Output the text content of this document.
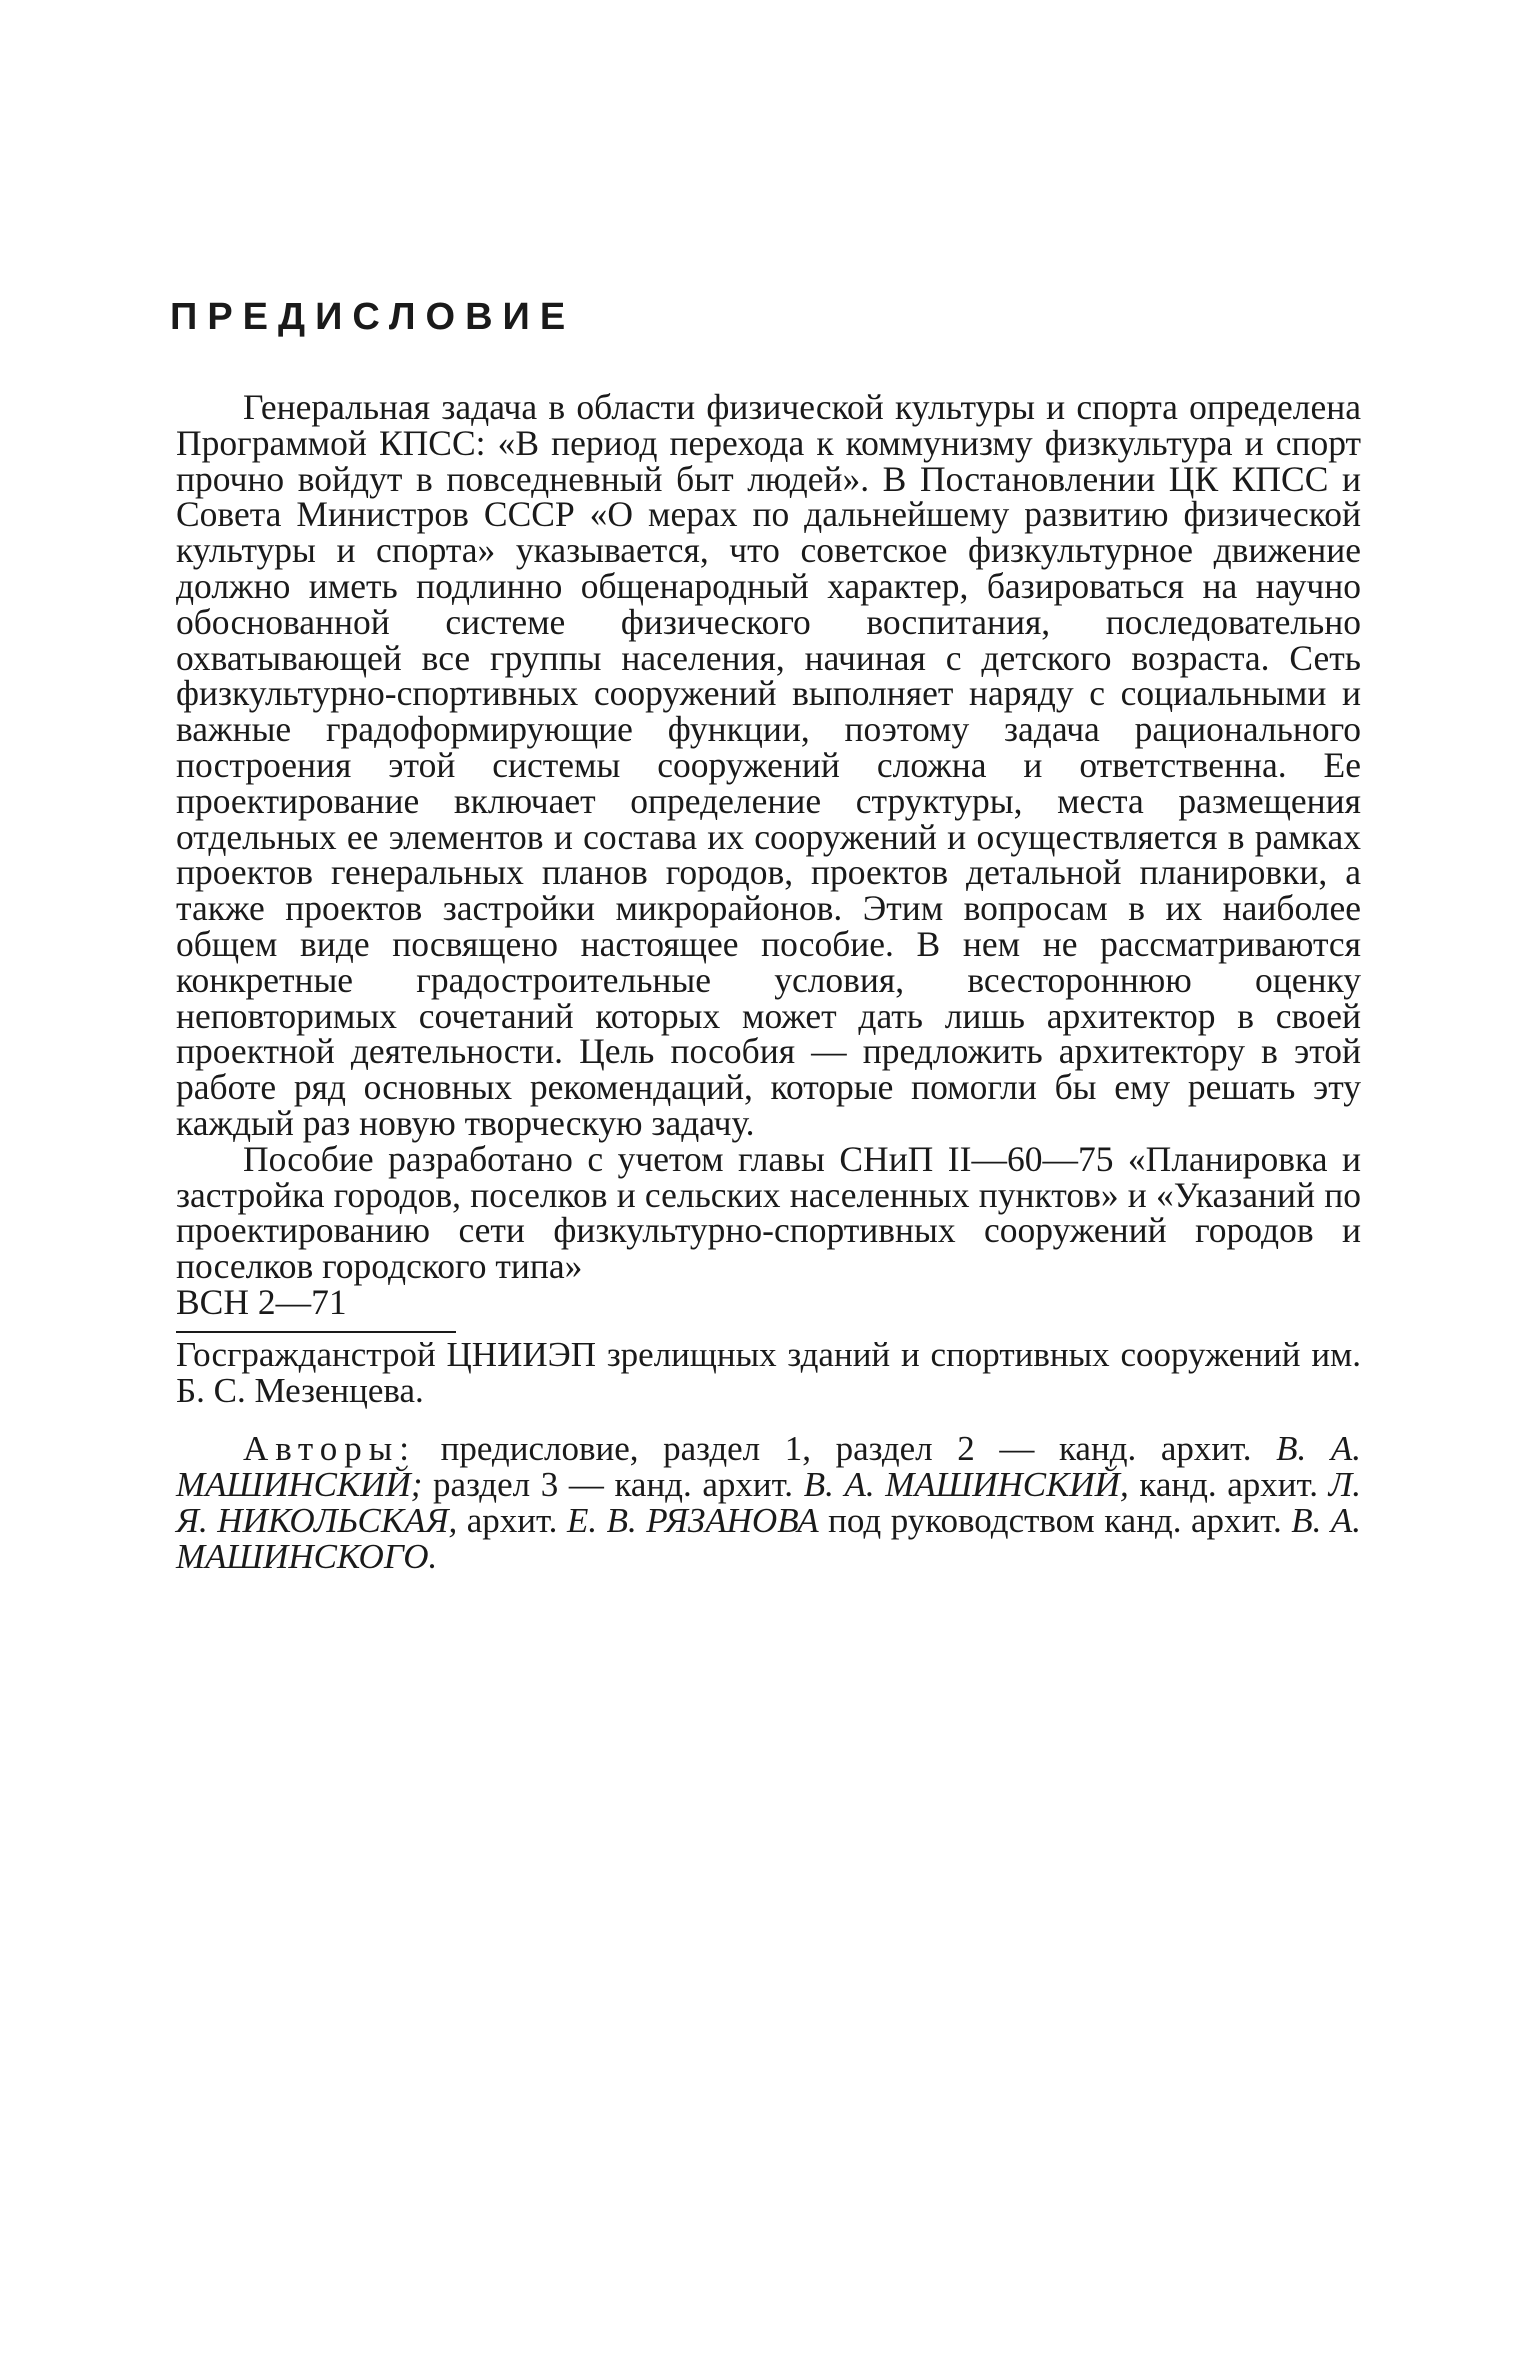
ПРЕДИСЛОВИЕ

Генеральная задача в области физической культуры и спорта определена Программой КПСС: «В период перехода к коммунизму физкультура и спорт прочно войдут в повседневный быт людей». В Постановлении ЦК КПСС и Совета Министров СССР «О мерах по дальнейшему развитию физической культуры и спорта» указывается, что советское физкультурное движение должно иметь подлинно общенародный характер, базироваться на научно обоснованной системе физического воспитания, последовательно охватывающей все группы населения, начиная с детского возраста. Сеть физкультурно-спортивных сооружений выполняет наряду с социальными и важные градоформирующие функции, поэтому задача рационального построения этой системы сооружений сложна и ответственна. Ее проектирование включает определение структуры, места размещения отдельных ее элементов и состава их сооружений и осуществляется в рамках проектов генеральных планов городов, проектов детальной планировки, а также проектов застройки микрорайонов. Этим вопросам в их наиболее общем виде посвящено настоящее пособие. В нем не рассматриваются конкретные градостроительные условия, всестороннюю оценку неповторимых сочетаний которых может дать лишь архитектор в своей проектной деятельности. Цель пособия — предложить архитектору в этой работе ряд основных рекомендаций, которые помогли бы ему решать эту каждый раз новую творческую задачу.

Пособие разработано с учетом главы СНиП II—60—75 «Планировка и застройка городов, поселков и сельских населенных пунктов» и «Указаний по проектированию сети физкультурно-спортивных сооружений городов и поселков городского типа»

ВСН 2—71

Госгражданстрой ЦНИИЭП зрелищных зданий и спортивных сооружений им. Б. С. Мезенцева.

Авторы: предисловие, раздел 1, раздел 2 — канд. архит. В. А. МАШИНСКИЙ; раздел 3 — канд. архит. В. А. МАШИНСКИЙ, канд. архит. Л. Я. НИКОЛЬСКАЯ, архит. Е. В. РЯЗАНОВА под руководством канд. архит. В. А. МАШИНСКОГО.
